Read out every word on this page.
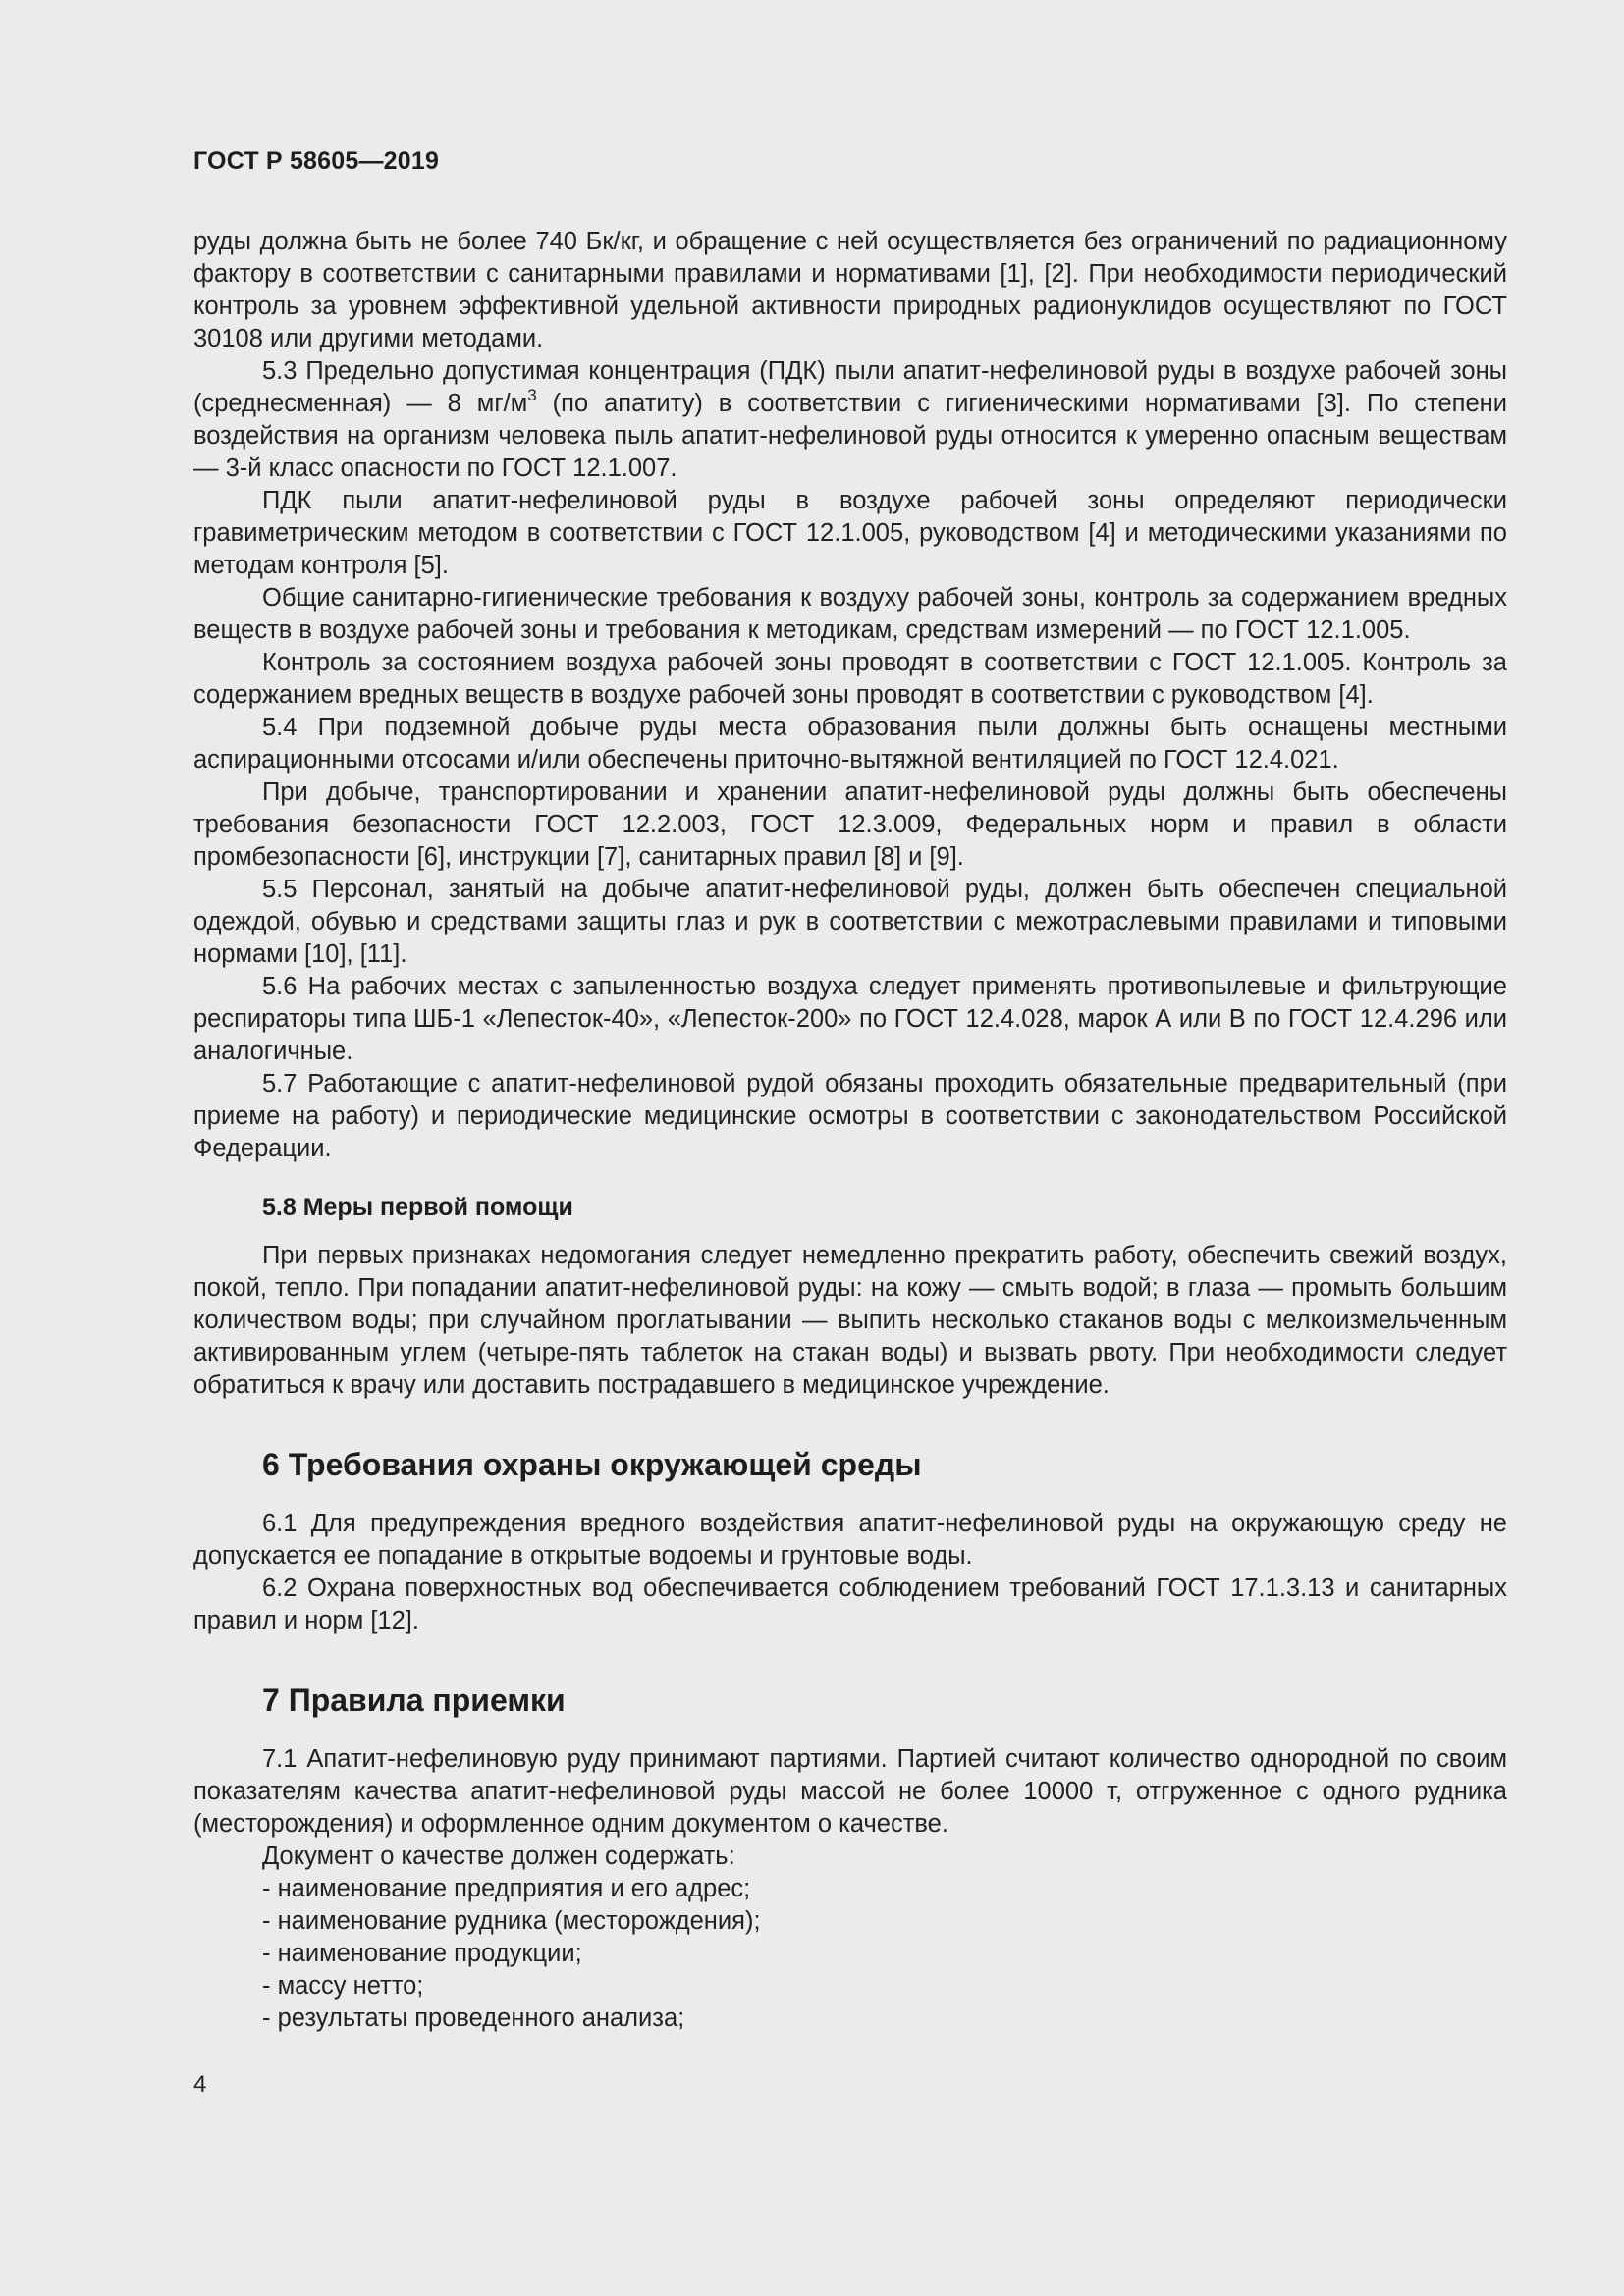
ГОСТ Р 58605—2019

руды должна быть не более 740 Бк/кг, и обращение с ней осуществляется без ограничений по радиационному фактору в соответствии с санитарными правилами и нормативами [1], [2]. При необходимости периодический контроль за уровнем эффективной удельной активности природных радионуклидов осуществляют по ГОСТ 30108 или другими методами.

5.3 Предельно допустимая концентрация (ПДК) пыли апатит-нефелиновой руды в воздухе рабочей зоны (среднесменная) — 8 $мг/м^3$ (по апатиту) в соответствии с гигиеническими нормативами [3]. По степени воздействия на организм человека пыль апатит-нефелиновой руды относится к умеренно опасным веществам — 3-й класс опасности по ГОСТ 12.1.007.

ПДК пыли апатит-нефелиновой руды в воздухе рабочей зоны определяют периодически гравиметрическим методом в соответствии с ГОСТ 12.1.005, руководством [4] и методическими указаниями по методам контроля [5].

Общие санитарно-гигиенические требования к воздуху рабочей зоны, контроль за содержанием вредных веществ в воздухе рабочей зоны и требования к методикам, средствам измерений — по ГОСТ 12.1.005.

Контроль за состоянием воздуха рабочей зоны проводят в соответствии с ГОСТ 12.1.005. Контроль за содержанием вредных веществ в воздухе рабочей зоны проводят в соответствии с руководством [4].

5.4 При подземной добыче руды места образования пыли должны быть оснащены местными аспирационными отсосами и/или обеспечены приточно-вытяжной вентиляцией по ГОСТ 12.4.021.

При добыче, транспортировании и хранении апатит-нефелиновой руды должны быть обеспечены требования безопасности ГОСТ 12.2.003, ГОСТ 12.3.009, Федеральных норм и правил в области промбезопасности [6], инструкции [7], санитарных правил [8] и [9].

5.5 Персонал, занятый на добыче апатит-нефелиновой руды, должен быть обеспечен специальной одеждой, обувью и средствами защиты глаз и рук в соответствии с межотраслевыми правилами и типовыми нормами [10], [11].

5.6 На рабочих местах с запыленностью воздуха следует применять противопылевые и фильтрующие респираторы типа ШБ-1 «Лепесток-40», «Лепесток-200» по ГОСТ 12.4.028, марок А или В по ГОСТ 12.4.296 или аналогичные.

5.7 Работающие с апатит-нефелиновой рудой обязаны проходить обязательные предварительный (при приеме на работу) и периодические медицинские осмотры в соответствии с законодательством Российской Федерации.

5.8 Меры первой помощи

При первых признаках недомогания следует немедленно прекратить работу, обеспечить свежий воздух, покой, тепло. При попадании апатит-нефелиновой руды: на кожу — смыть водой; в глаза — промыть большим количеством воды; при случайном проглатывании — выпить несколько стаканов воды с мелкоизмельченным активированным углем (четыре-пять таблеток на стакан воды) и вызвать рвоту. При необходимости следует обратиться к врачу или доставить пострадавшего в медицинское учреждение.

6 Требования охраны окружающей среды

6.1 Для предупреждения вредного воздействия апатит-нефелиновой руды на окружающую среду не допускается ее попадание в открытые водоемы и грунтовые воды.

6.2 Охрана поверхностных вод обеспечивается соблюдением требований ГОСТ 17.1.3.13 и санитарных правил и норм [12].

7 Правила приемки

7.1 Апатит-нефелиновую руду принимают партиями. Партией считают количество однородной по своим показателям качества апатит-нефелиновой руды массой не более 10000 т, отгруженное с одного рудника (месторождения) и оформленное одним документом о качестве.

Документ о качестве должен содержать:

- наименование предприятия и его адрес;
- наименование рудника (месторождения);
- наименование продукции;
- массу нетто;
- результаты проведенного анализа;
4
